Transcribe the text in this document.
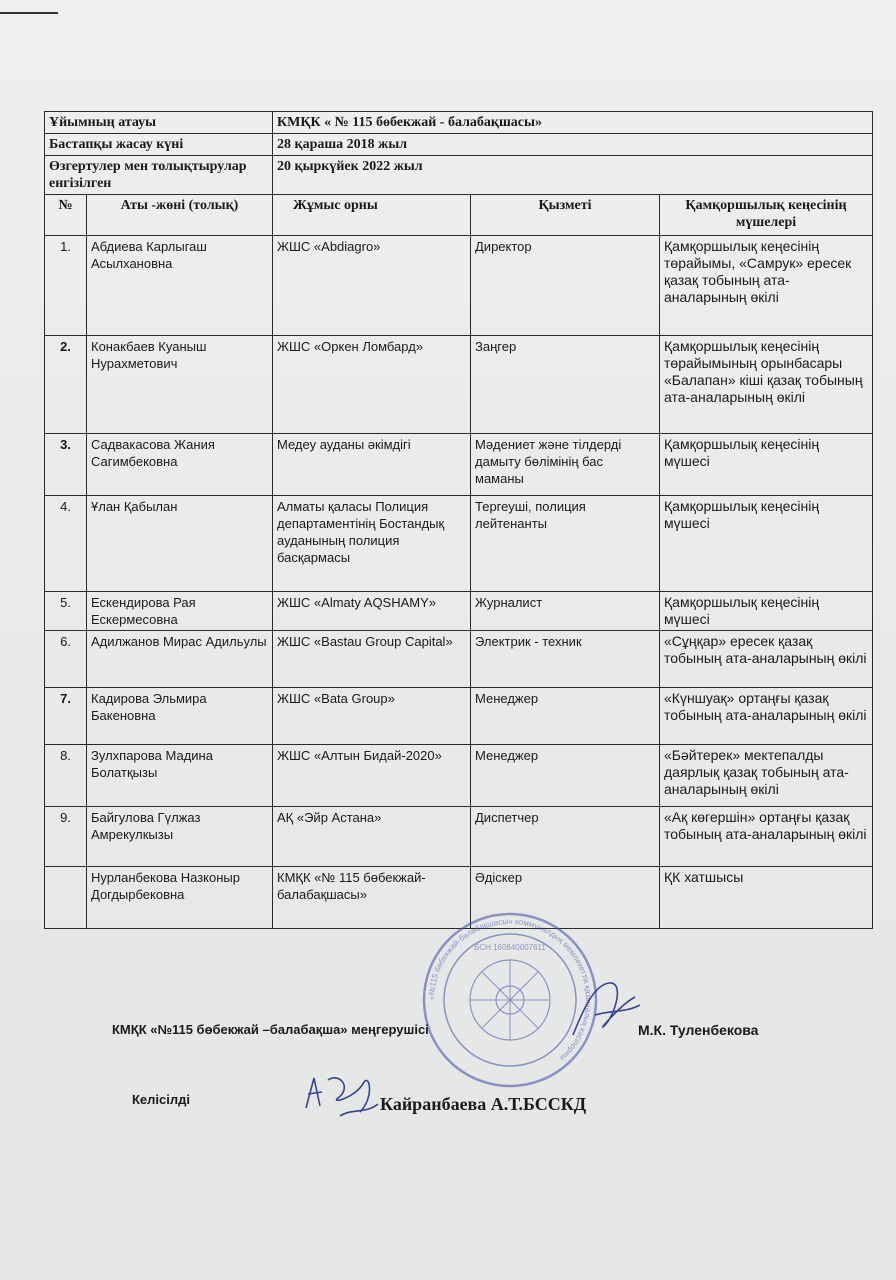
Ұйымның атауы		КМҚК « № 115 бөбекжай - балабақшасы»		
Бастапқы жасау күні		28 қараша 2018 жыл		
Өзгертулер мен толықтырулар енгізілген		20 қыркүйек 2022 жыл		
№	Аты -жөні (толық)	Жұмыс орны	Қызметі	Қамқоршылық кеңесінің мүшелері
1.	Абдиева Карлыгаш Асылхановна	ЖШС «Abdiagro»	Директор	Қамқоршылық кеңесінің төрайымы, «Самрук» ересек қазақ тобының ата-аналарының өкілі
2.	Конакбаев Куаныш Нурахметович	ЖШС «Оркен Ломбард»	Заңгер	Қамқоршылық кеңесінің төрайымының орынбасары «Балапан» кіші қазақ тобының ата-аналарының өкілі
3.	Садвакасова Жания Сагимбековна	Медеу ауданы әкімдігі	Мәдениет және тілдерді дамыту бөлімінің бас маманы	Қамқоршылық кеңесінің мүшесі
4.	Ұлан Қабылан	Алматы қаласы Полиция департаментінің Бостандық ауданының полиция басқармасы	Тергеуші, полиция лейтенанты	Қамқоршылық кеңесінің мүшесі
5.	Ескендирова Рая Ескермесовна	ЖШС «Almaty AQSHAMY»	Журналист	Қамқоршылық кеңесінің мүшесі
6.	Адилжанов Мирас Адильулы	ЖШС «Bastau Group Capital»	Электрик - техник	«Сұңқар» ересек қазақ тобының ата-аналарының өкілі
7.	Кадирова Эльмира Бакеновна	ЖШС «Bata Group»	Менеджер	«Күншуақ» ортаңғы қазақ тобының ата-аналарының өкілі
8.	Зулхпарова Мадина Болатқызы	ЖШС «Алтын Бидай-2020»	Менеджер	«Бәйтерек» мектепалды даярлық қазақ тобының ата-аналарының өкілі
9.	Байгулова Гүлжаз Амрекулкызы	АҚ «Эйр Астана»	Диспетчер	«Ақ көгершін» ортаңғы қазақ тобының ата-аналарының өкілі
	Нурланбекова Назконыр Догдырбековна	КМҚК «№ 115 бөбекжай-балабақшасы»	Әдіскер	ҚК хатшысы
«№115 бөбекжай-балабақшасы» коммуналдық мемлекеттік қазыналық кәсіпорны
БСН 160840007611
КМҚК «№115 бөбекжай –балабақша» меңгерушісі	М.К. Туленбекова
Келісілді	Кайранбаева А.Т.БССКД
